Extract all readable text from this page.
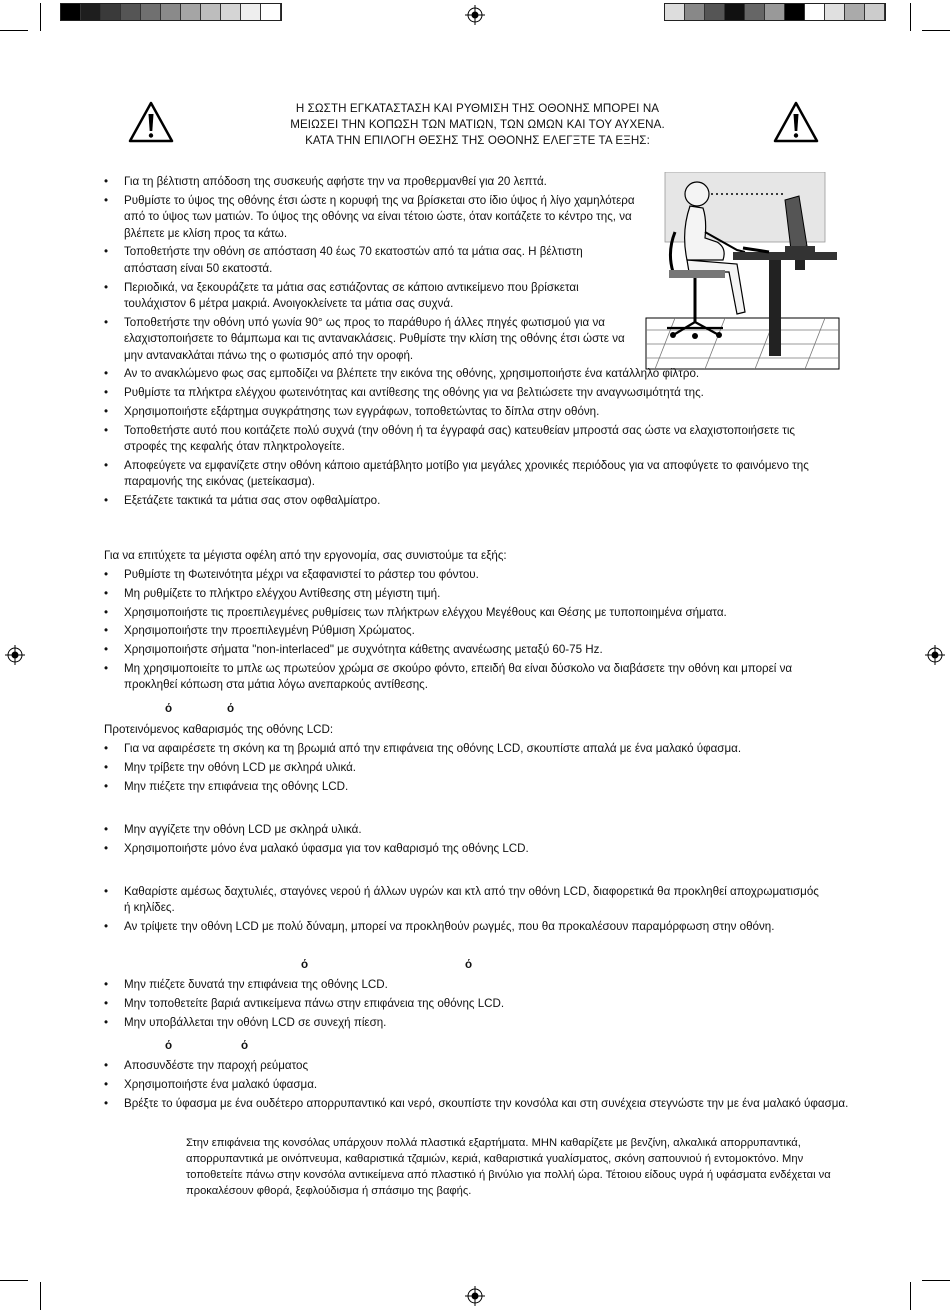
Η ΣΩΣΤΗ ΕΓΚΑΤΑΣΤΑΣΗ ΚΑΙ ΡΥΘΜΙΣΗ ΤΗΣ ΟΘΟΝΗΣ ΜΠΟΡΕΙ ΝΑ
ΜΕΙΩΣΕΙ ΤΗΝ ΚΟΠΩΣΗ ΤΩΝ ΜΑΤΙΩΝ, ΤΩΝ ΩΜΩΝ ΚΑΙ ΤΟΥ ΑΥΧΕΝΑ.
ΚΑΤΑ ΤΗΝ ΕΠΙΛΟΓΗ ΘΕΣΗΣ ΤΗΣ ΟΘΟΝΗΣ ΕΛΕΓΞΤΕ ΤΑ ΕΞΗΣ:
• Για τη βέλτιστη απόδοση της συσκευής αφήστε την να προθερμανθεί για 20 λεπτά.
• Ρυθμίστε το ύψος της οθόνης έτσι ώστε η κορυφή της να βρίσκεται στο ίδιο ύψος ή λίγο χαμηλότερα από το ύψος των ματιών. Το ύψος της οθόνης να είναι τέτοιο ώστε, όταν κοιτάζετε το κέντρο της, να βλέπετε με κλίση προς τα κάτω.
• Τοποθετήστε την οθόνη σε απόσταση 40 έως 70 εκατοστών από τα μάτια σας. Η βέλτιστη απόσταση είναι 50 εκατοστά.
• Περιοδικά, να ξεκουράζετε τα μάτια σας εστιάζοντας σε κάποιο αντικείμενο που βρίσκεται τουλάχιστον 6 μέτρα μακριά. Ανοιγοκλείνετε τα μάτια σας συχνά.
• Τοποθετήστε την οθόνη υπό γωνία 90° ως προς το παράθυρο ή άλλες πηγές φωτισμού για να ελαχιστοποιήσετε το θάμπωμα και τις αντανακλάσεις. Ρυθμίστε την κλίση της οθόνης έτσι ώστε να μην αντανακλάται πάνω της ο φωτισμός από την οροφή.
• Αν το ανακλώμενο φως σας εμποδίζει να βλέπετε την εικόνα της οθόνης, χρησιμοποιήστε ένα κατάλληλο φίλτρο.
• Ρυθμίστε τα πλήκτρα ελέγχου φωτεινότητας και αντίθεσης της οθόνης για να βελτιώσετε την αναγνωσιμότητά της.
• Χρησιμοποιήστε εξάρτημα συγκράτησης των εγγράφων, τοποθετώντας το δίπλα στην οθόνη.
• Τοποθετήστε αυτό που κοιτάζετε πολύ συχνά (την οθόνη ή τα έγγραφά σας) κατευθείαν μπροστά σας ώστε να ελαχιστοποιήσετε τις στροφές της κεφαλής όταν πληκτρολογείτε.
• Αποφεύγετε να εμφανίζετε στην οθόνη κάποιο αμετάβλητο μοτίβο για μεγάλες χρονικές περιόδους για να αποφύγετε το φαινόμενο της παραμονής της εικόνας (μετείκασμα).
• Εξετάζετε τακτικά τα μάτια σας στον οφθαλμίατρο.
Για να επιτύχετε τα μέγιστα οφέλη από την εργονομία, σας συνιστούμε τα εξής:
• Ρυθμίστε τη Φωτεινότητα μέχρι να εξαφανιστεί το ράστερ του φόντου.
• Μη ρυθμίζετε το πλήκτρο ελέγχου Αντίθεσης στη μέγιστη τιμή.
• Χρησιμοποιήστε τις προεπιλεγμένες ρυθμίσεις των πλήκτρων ελέγχου Μεγέθους και Θέσης με τυποποιημένα σήματα.
• Χρησιμοποιήστε την προεπιλεγμένη Ρύθμιση Χρώματος.
• Χρησιμοποιήστε σήματα "non-interlaced" με συχνότητα κάθετης ανανέωσης μεταξύ 60-75 Hz.
• Μη χρησιμοποιείτε το μπλε ως πρωτεύον χρώμα σε σκούρο φόντο, επειδή θα είναι δύσκολο να διαβάσετε την οθόνη και μπορεί να προκληθεί κόπωση στα μάτια λόγω ανεπαρκούς αντίθεσης.
ό	ό
Προτεινόμενος καθαρισμός της οθόνης LCD:
• Για να αφαιρέσετε τη σκόνη κα τη βρωμιά από την επιφάνεια της οθόνης LCD, σκουπίστε απαλά με ένα μαλακό ύφασμα.
• Μην τρίβετε την οθόνη LCD με σκληρά υλικά.
• Μην πιέζετε την επιφάνεια της οθόνης LCD.
• Μην αγγίζετε την οθόνη LCD με σκληρά υλικά.
• Χρησιμοποιήστε μόνο ένα μαλακό ύφασμα για τον καθαρισμό της οθόνης LCD.
• Καθαρίστε αμέσως δαχτυλιές, σταγόνες νερού ή άλλων υγρών και κτλ από την οθόνη LCD, διαφορετικά θα προκληθεί αποχρωματισμός ή κηλίδες.
• Αν τρίψετε την οθόνη LCD με πολύ δύναμη, μπορεί να προκληθούν ρωγμές, που θα προκαλέσουν παραμόρφωση στην οθόνη.
ό	ό
• Μην πιέζετε δυνατά την επιφάνεια της οθόνης LCD.
• Μην τοποθετείτε βαριά αντικείμενα πάνω στην επιφάνεια της οθόνης LCD.
• Μην υποβάλλεται την οθόνη LCD σε συνεχή πίεση.
ό	ό
• Αποσυνδέστε την παροχή ρεύματος
• Χρησιμοποιήστε ένα μαλακό ύφασμα.
• Βρέξτε το ύφασμα με ένα ουδέτερο απορρυπαντικό και νερό, σκουπίστε την κονσόλα και στη συνέχεια στεγνώστε την με ένα μαλακό ύφασμα.
Στην επιφάνεια της κονσόλας υπάρχουν πολλά πλαστικά εξαρτήματα. ΜΗΝ καθαρίζετε με βενζίνη, αλκαλικά απορρυπαντικά, απορρυπαντικά με οινόπνευμα, καθαριστικά τζαμιών, κεριά, καθαριστικά γυαλίσματος, σκόνη σαπουνιού ή εντομοκτόνο. Μην τοποθετείτε πάνω στην κονσόλα αντικείμενα από πλαστικό ή βινύλιο για πολλή ώρα. Τέτοιου είδους υγρά ή υφάσματα ενδέχεται να προκαλέσουν φθορά, ξεφλούδισμα ή σπάσιμο της βαφής.
